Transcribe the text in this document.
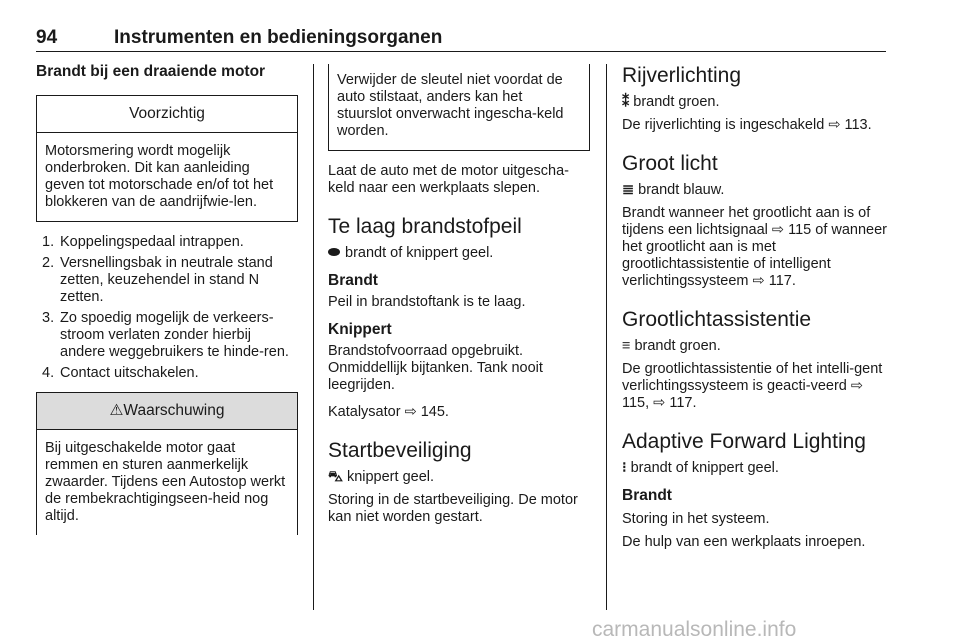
94	Instrumenten en bedieningsorganen
Brandt bij een draaiende motor
Voorzichtig
Motorsmering wordt mogelijk onderbroken. Dit kan aanleiding geven tot motorschade en/of tot het blokkeren van de aandrijfwie-len.
1. Koppelingspedaal intrappen.
2. Versnellingsbak in neutrale stand zetten, keuzehendel in stand N zetten.
3. Zo spoedig mogelijk de verkeers-stroom verlaten zonder hierbij andere weggebruikers te hinde-ren.
4. Contact uitschakelen.
⚠Waarschuwing
Bij uitgeschakelde motor gaat remmen en sturen aanmerkelijk zwaarder. Tijdens een Autostop werkt de rembekrachtigingseen-heid nog altijd.
Verwijder de sleutel niet voordat de auto stilstaat, anders kan het stuurslot onverwacht ingescha-keld worden.

Laat de auto met de motor uitgescha-keld naar een werkplaats slepen.

Te laag brandstofpeil
brandt of knippert geel.
Brandt

Peil in brandstoftank is te laag.

Knippert

Brandstofvoorraad opgebruikt. Onmiddellijk bijtanken. Tank nooit leegrijden.

Katalysator ⇨ 145.

Startbeveiliging
⛍ knippert geel.

Storing in de startbeveiliging. De motor kan niet worden gestart.

Rijverlichting
⁑ brandt groen.

De rijverlichting is ingeschakeld ⇨ 113.

Groot licht
≣ brandt blauw.

Brandt wanneer het grootlicht aan is of tijdens een lichtsignaal ⇨ 115 of wanneer het grootlicht aan is met grootlichtassistentie of intelligent verlichtingssysteem ⇨ 117.

Grootlichtassistentie
≡ brandt groen.

De grootlichtassistentie of het intelli-gent verlichtingssysteem is geacti-veerd ⇨ 115, ⇨ 117.

Adaptive Forward Lighting
⁝ brandt of knippert geel.
Brandt

Storing in het systeem.

De hulp van een werkplaats inroepen.

carmanualsonline.info
